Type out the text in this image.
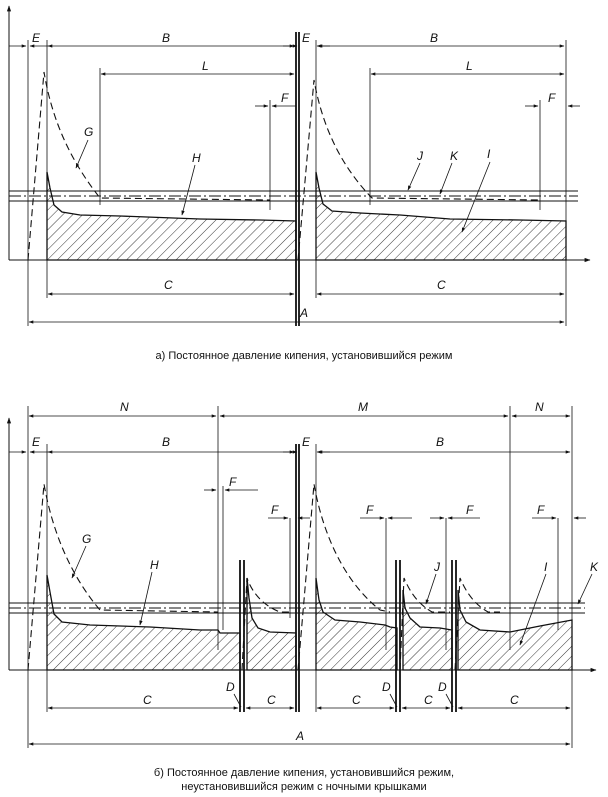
E	B	E	B
L	L
F	F
G
H	J K I
C	C
A
N	M	N
E	B	E	B
F
F	F	F	F
G
H	J	I	K
D	D	D
C	C	C	C	C
A
а) Постоянное давление кипения, установившийся режим
б) Постоянное давление кипения, установившийся режим,
неустановившийся режим с ночными крышками
